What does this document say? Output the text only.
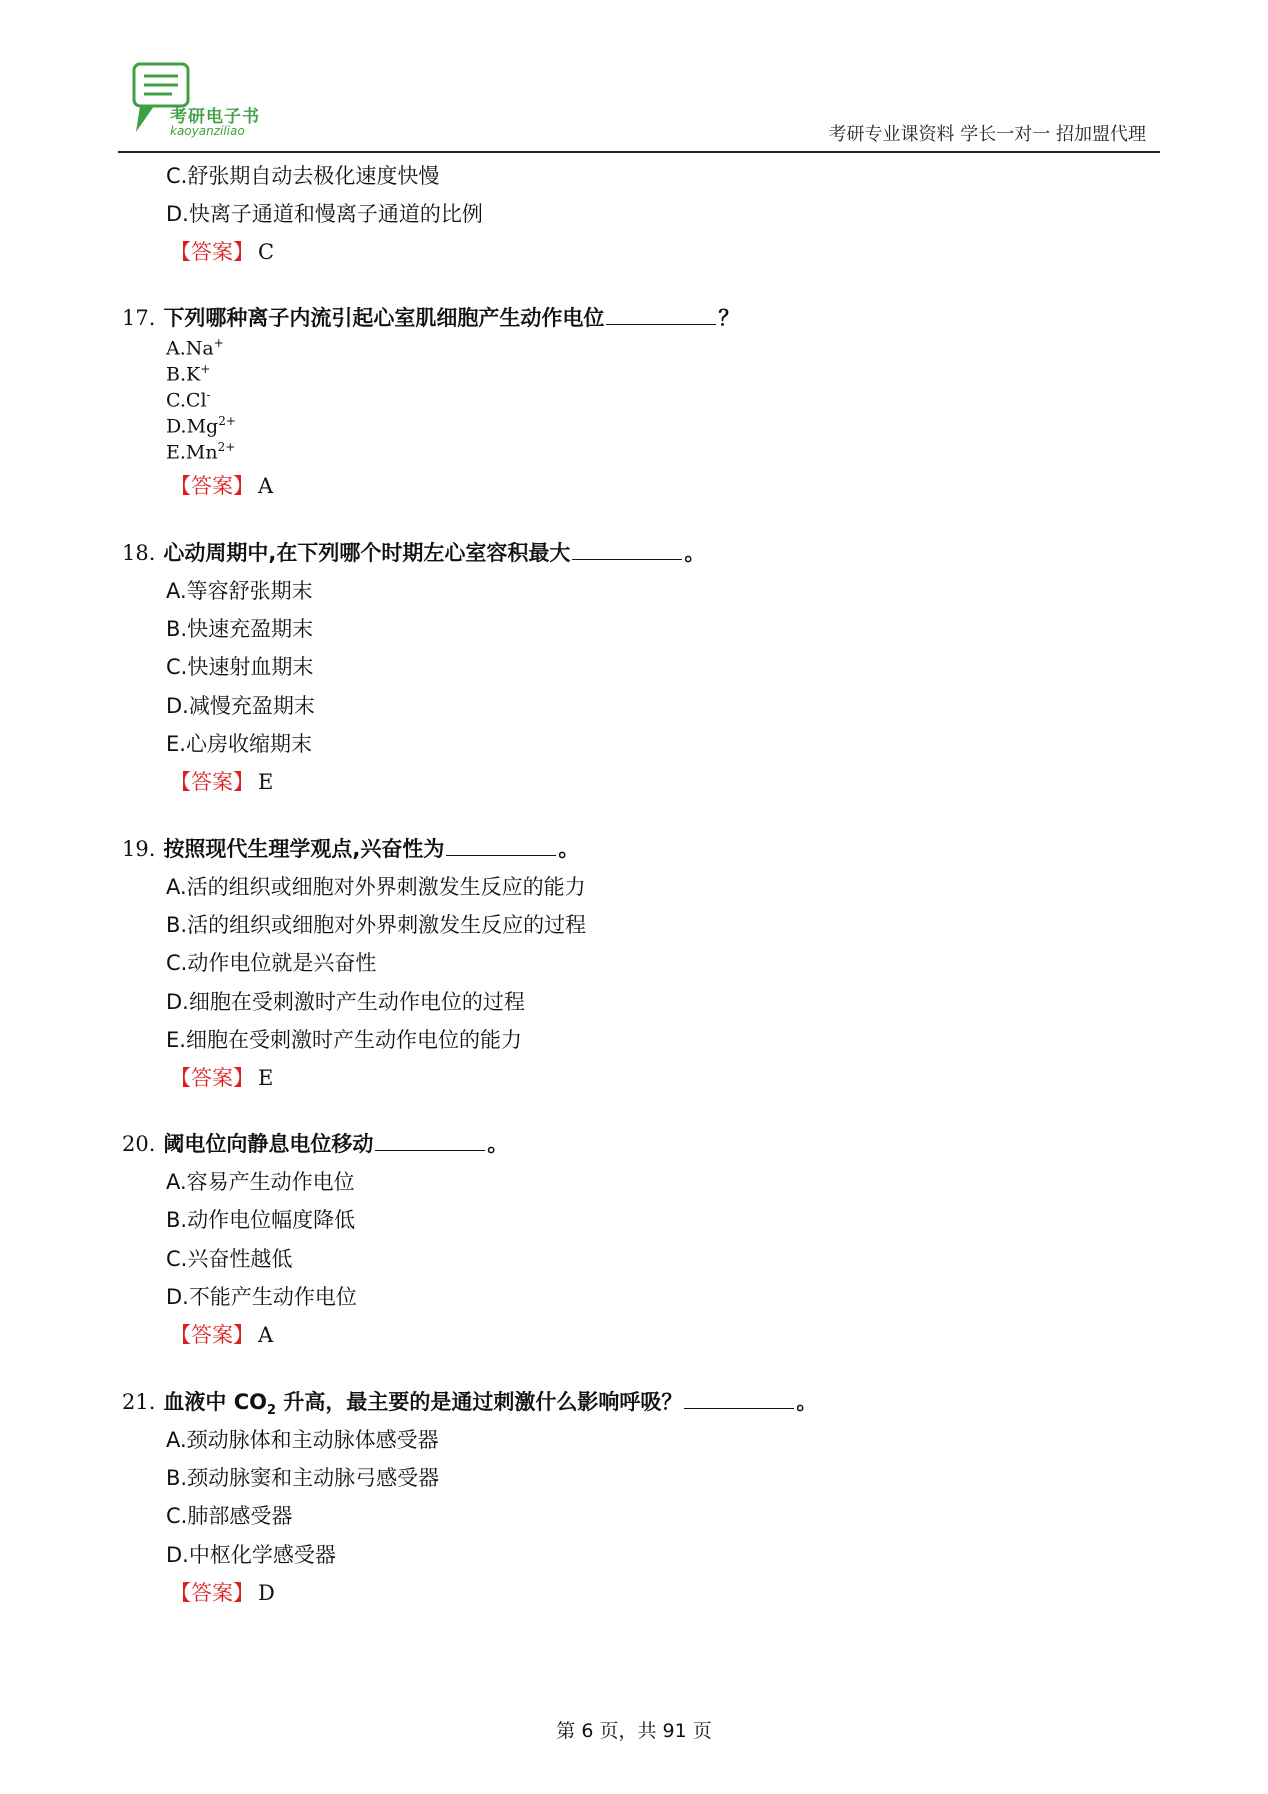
考研电子书
kaoyanziliao	考研专业课资料 学长一对一 招加盟代理
C.舒张期自动去极化速度快慢
D.快离子通道和慢离子通道的比例
【答案】 C
17. 下列哪种离子内流引起心室肌细胞产生动作电位	？
A.Na+
B.K+
C.Cl-
$D.Mg^{2+}$
$E.Mn^{2+}$
【答案】 A
18. 心动周期中,在下列哪个时期左心室容积最大	。
A.等容舒张期末
B.快速充盈期末
C.快速射血期末
D.减慢充盈期末
E.心房收缩期末
【答案】 E
19. 按照现代生理学观点,兴奋性为	。
A.活的组织或细胞对外界刺激发生反应的能力
B.活的组织或细胞对外界刺激发生反应的过程
C.动作电位就是兴奋性
D.细胞在受刺激时产生动作电位的过程
E.细胞在受刺激时产生动作电位的能力
【答案】 E
20. 阈电位向静息电位移动	。
A.容易产生动作电位
B.动作电位幅度降低
C.兴奋性越低
D.不能产生动作电位
【答案】 A
21. 血液中 $CO_2$ 升高，最主要的是通过刺激什么影响呼吸？	。
A.颈动脉体和主动脉体感受器
B.颈动脉窦和主动脉弓感受器
C.肺部感受器
D.中枢化学感受器
【答案】 D
第 6 页，共 91 页
